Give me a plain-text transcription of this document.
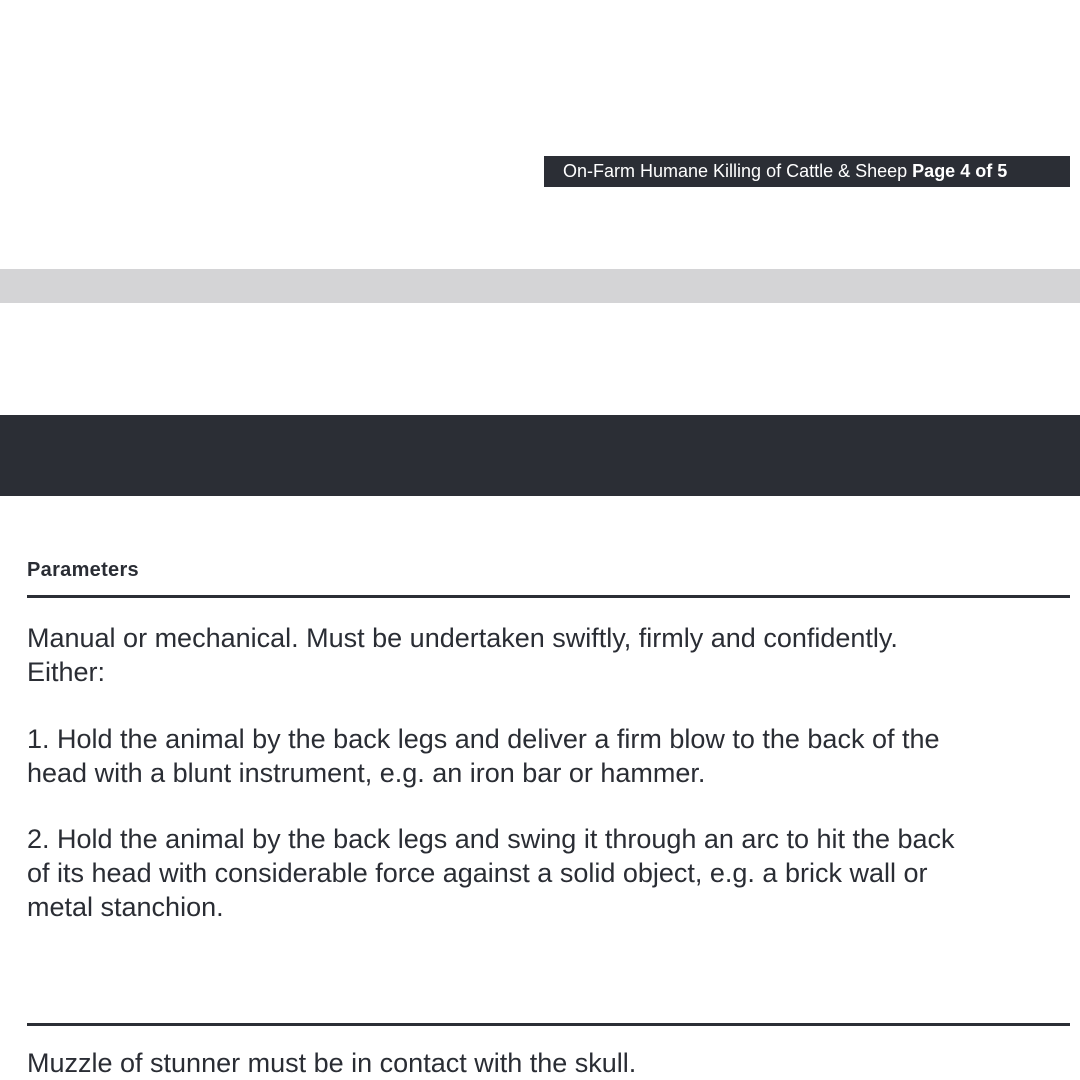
On-Farm Humane Killing of Cattle & Sheep Page 4 of 5
Parameters
Manual or mechanical. Must be undertaken swiftly, firmly and confidently.
Either:
1. Hold the animal by the back legs and deliver a firm blow to the back of the
head with a blunt instrument, e.g. an iron bar or hammer.
2. Hold the animal by the back legs and swing it through an arc to hit the back
of its head with considerable force against a solid object, e.g. a brick wall or
metal stanchion.
Muzzle of stunner must be in contact with the skull.
